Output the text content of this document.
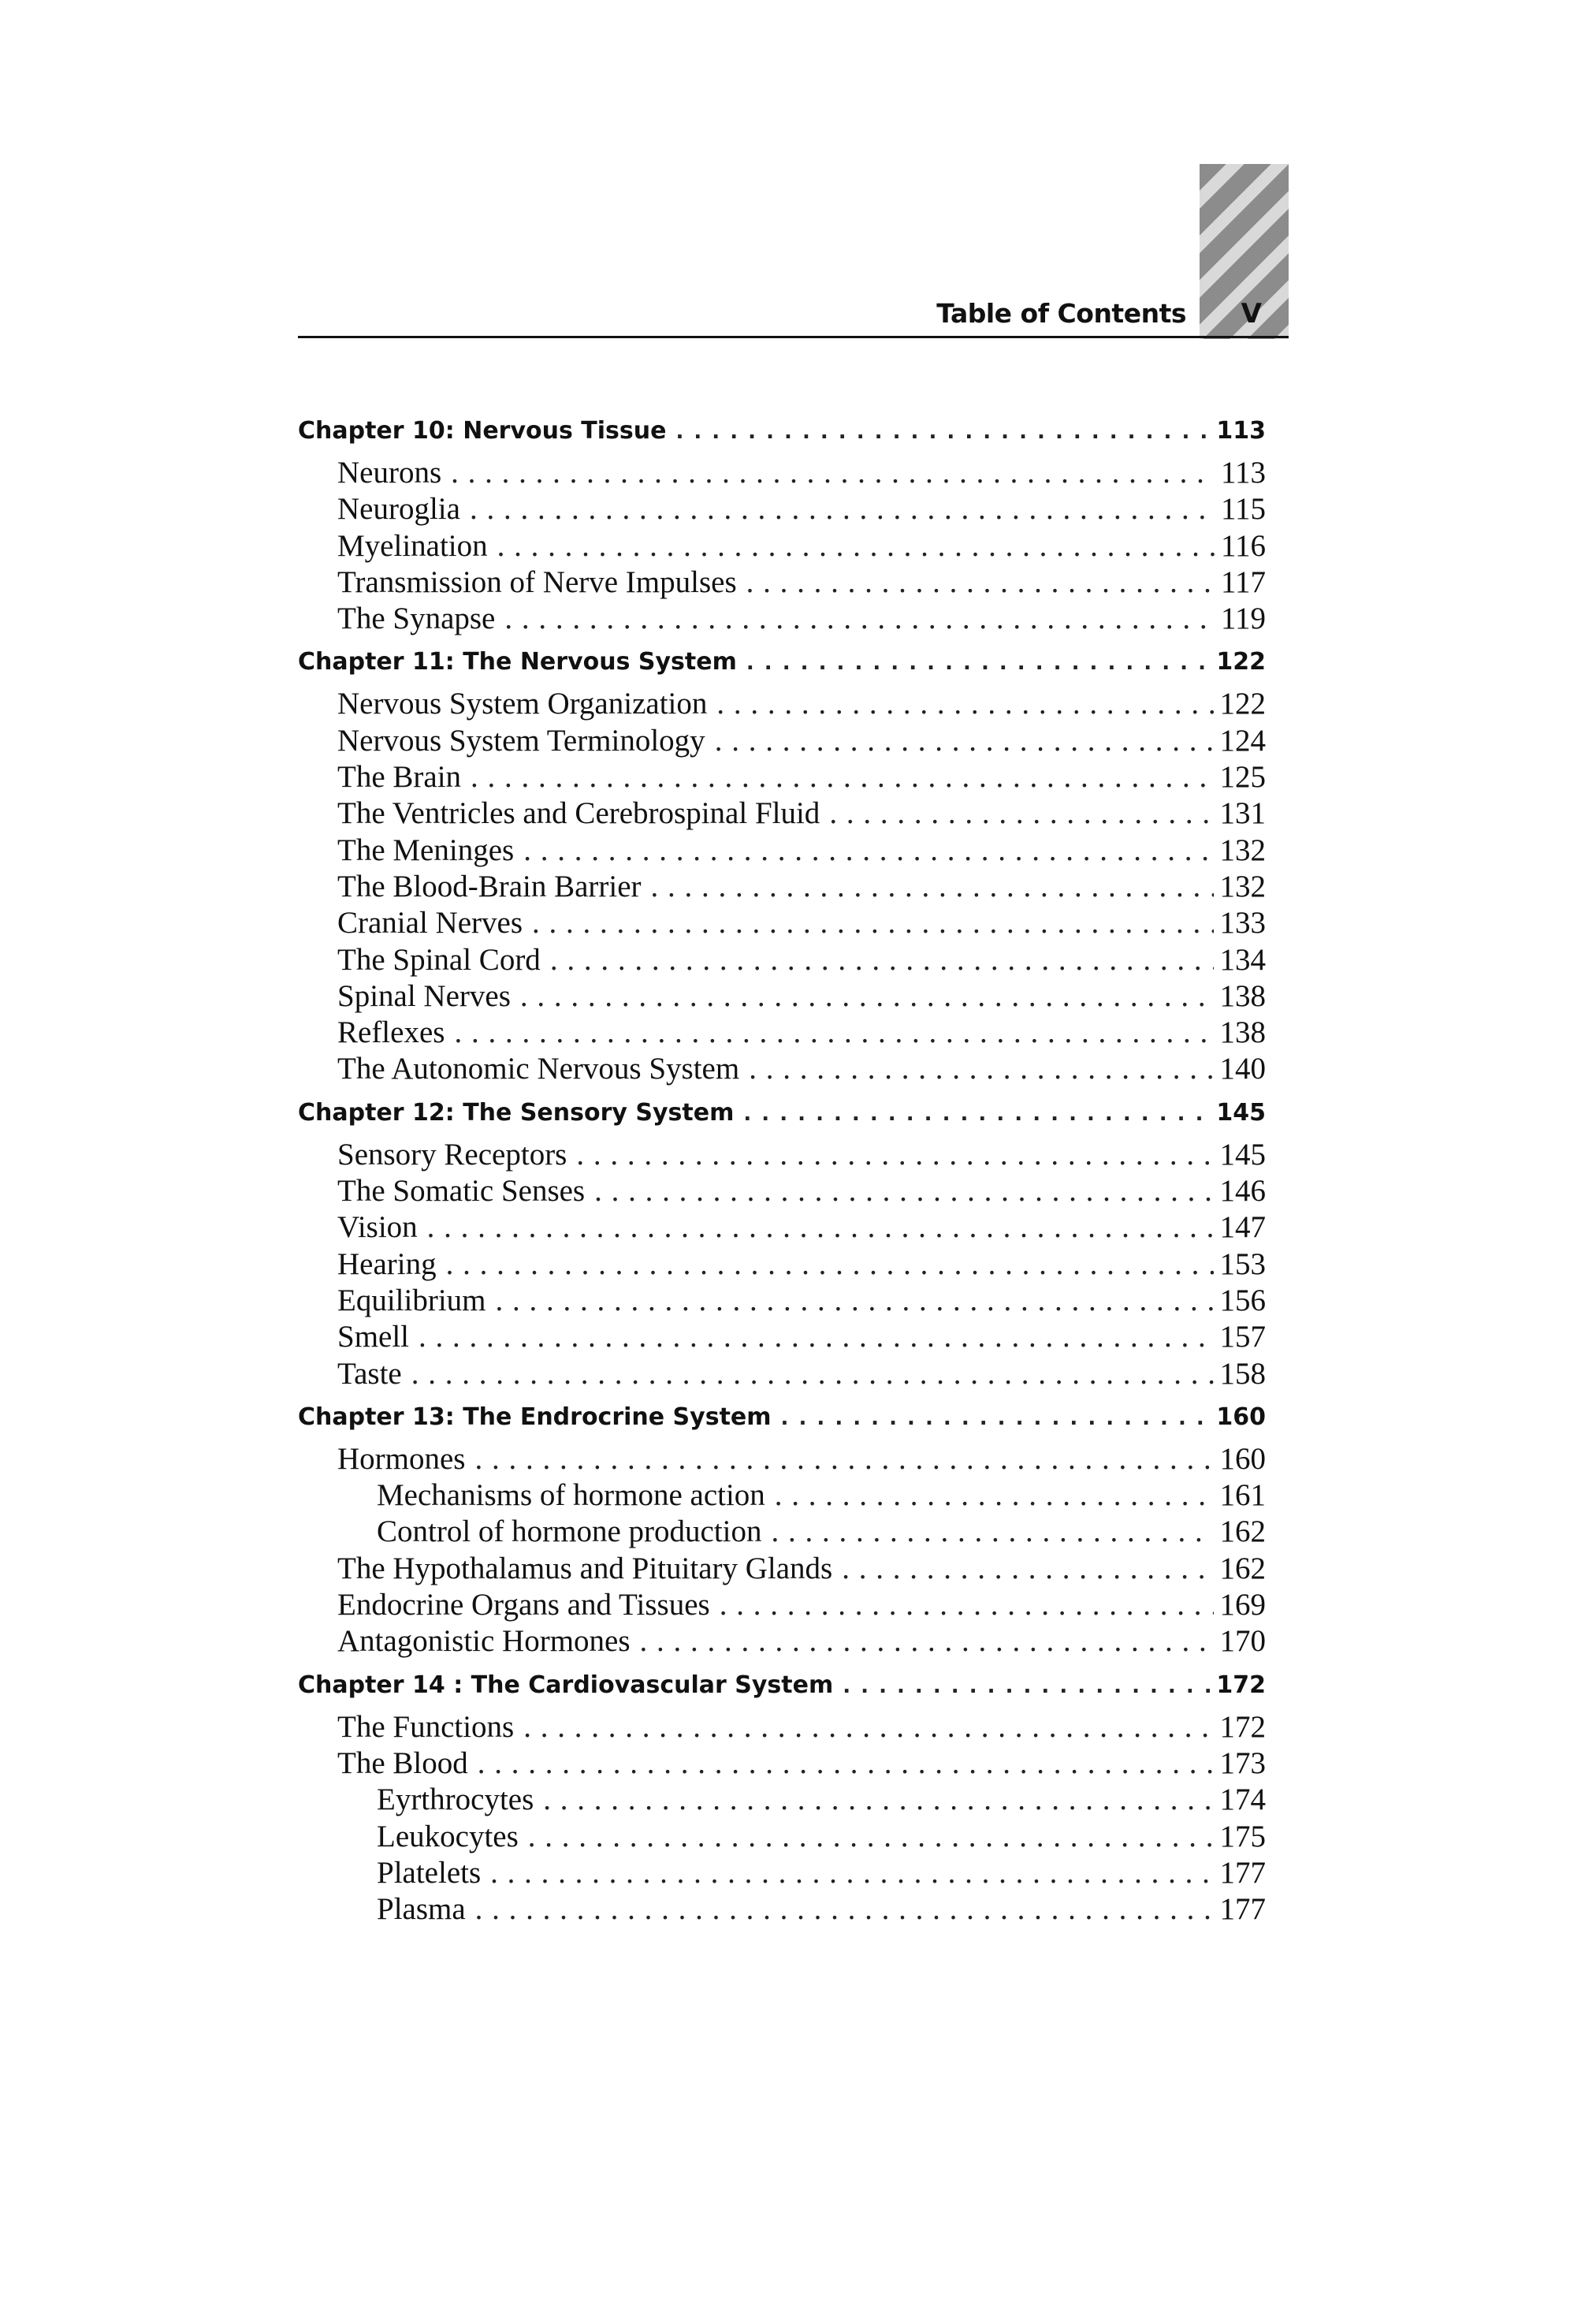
Table of Contents V
Chapter 10: Nervous Tissue . . .	113
Neurons . . .	113
Neuroglia . . .	115
Myelination . . .	116
Transmission of Nerve Impulses . . .	117
The Synapse . . .	119
Chapter 11: The Nervous System . . .	122
Nervous System Organization . . .	122
Nervous System Terminology . . .	124
The Brain . . .	125
The Ventricles and Cerebrospinal Fluid . . .	131
The Meninges . . .	132
The Blood-Brain Barrier . . .	132
Cranial Nerves . . .	133
The Spinal Cord . . .	134
Spinal Nerves . . .	138
Reflexes . . .	138
The Autonomic Nervous System . . .	140
Chapter 12: The Sensory System . . .	145
Sensory Receptors . . .	145
The Somatic Senses . . .	146
Vision . . .	147
Hearing . . .	153
Equilibrium . . .	156
Smell . . .	157
Taste . . .	158
Chapter 13: The Endrocrine System . . .	160
Hormones . . .	160
Mechanisms of hormone action . . .	161
Control of hormone production . . .	162
The Hypothalamus and Pituitary Glands . . .	162
Endocrine Organs and Tissues . . .	169
Antagonistic Hormones . . .	170
Chapter 14 : The Cardiovascular System . . .	172
The Functions . . .	172
The Blood . . .	173
Eyrthrocytes . . .	174
Leukocytes . . .	175
Platelets . . .	177
Plasma . . .	177
